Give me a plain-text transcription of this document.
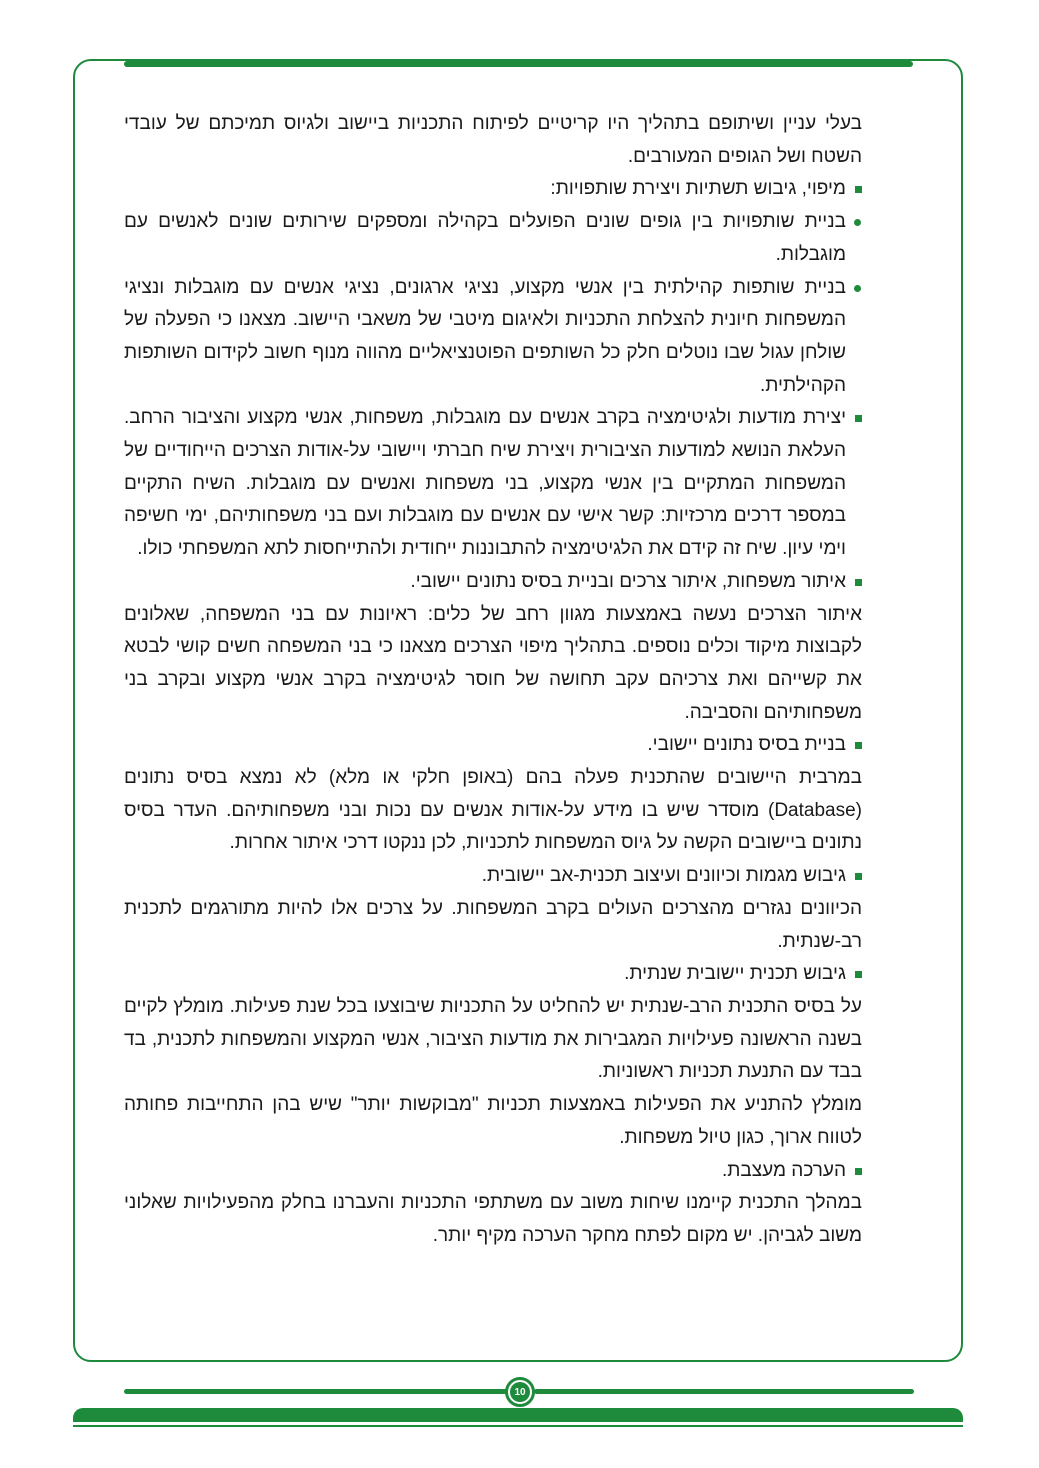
בעלי עניין ושיתופם בתהליך היו קריטיים לפיתוח התכניות ביישוב ולגיוס תמיכתם של עובדי השטח ושל הגופים המעורבים.

מיפוי, גיבוש תשתיות ויצירת שותפויות:

בניית שותפויות בין גופים שונים הפועלים בקהילה ומספקים שירותים שונים לאנשים עם מוגבלות.

בניית שותפות קהילתית בין אנשי מקצוע, נציגי ארגונים, נציגי אנשים עם מוגבלות ונציגי המשפחות חיונית להצלחת התכניות ולאיגום מיטבי של משאבי היישוב. מצאנו כי הפעלה של שולחן עגול שבו נוטלים חלק כל השותפים הפוטנציאליים מהווה מנוף חשוב לקידום השותפות הקהילתית.

יצירת מודעות ולגיטימציה בקרב אנשים עם מוגבלות, משפחות, אנשי מקצוע והציבור הרחב. העלאת הנושא למודעות הציבורית ויצירת שיח חברתי ויישובי על-אודות הצרכים הייחודיים של המשפחות המתקיים בין אנשי מקצוע, בני משפחות ואנשים עם מוגבלות. השיח התקיים במספר דרכים מרכזיות: קשר אישי עם אנשים עם מוגבלות ועם בני משפחותיהם, ימי חשיפה וימי עיון. שיח זה קידם את הלגיטימציה להתבוננות ייחודית ולהתייחסות לתא המשפחתי כולו.

איתור משפחות, איתור צרכים ובניית בסיס נתונים יישובי.

איתור הצרכים נעשה באמצעות מגוון רחב של כלים: ראיונות עם בני המשפחה, שאלונים לקבוצות מיקוד וכלים נוספים. בתהליך מיפוי הצרכים מצאנו כי בני המשפחה חשים קושי לבטא את קשייהם ואת צרכיהם עקב תחושה של חוסר לגיטימציה בקרב אנשי מקצוע ובקרב בני משפחותיהם והסביבה.

בניית בסיס נתונים יישובי.

במרבית היישובים שהתכנית פעלה בהם (באופן חלקי או מלא) לא נמצא בסיס נתונים (Database) מוסדר שיש בו מידע על-אודות אנשים עם נכות ובני משפחותיהם. העדר בסיס נתונים ביישובים הקשה על גיוס המשפחות לתכניות, לכן ננקטו דרכי איתור אחרות.

גיבוש מגמות וכיוונים ועיצוב תכנית-אב יישובית.

הכיוונים נגזרים מהצרכים העולים בקרב המשפחות. על צרכים אלו להיות מתורגמים לתכנית רב-שנתית.

גיבוש תכנית יישובית שנתית.

על בסיס התכנית הרב-שנתית יש להחליט על התכניות שיבוצעו בכל שנת פעילות. מומלץ לקיים בשנה הראשונה פעילויות המגבירות את מודעות הציבור, אנשי המקצוע והמשפחות לתכנית, בד בבד עם התנעת תכניות ראשוניות.

מומלץ להתניע את הפעילות באמצעות תכניות "מבוקשות יותר" שיש בהן התחייבות פחותה לטווח ארוך, כגון טיול משפחות.

הערכה מעצבת.

במהלך התכנית קיימנו שיחות משוב עם משתתפי התכניות והעברנו בחלק מהפעילויות שאלוני משוב לגביהן. יש מקום לפתח מחקר הערכה מקיף יותר.

10
